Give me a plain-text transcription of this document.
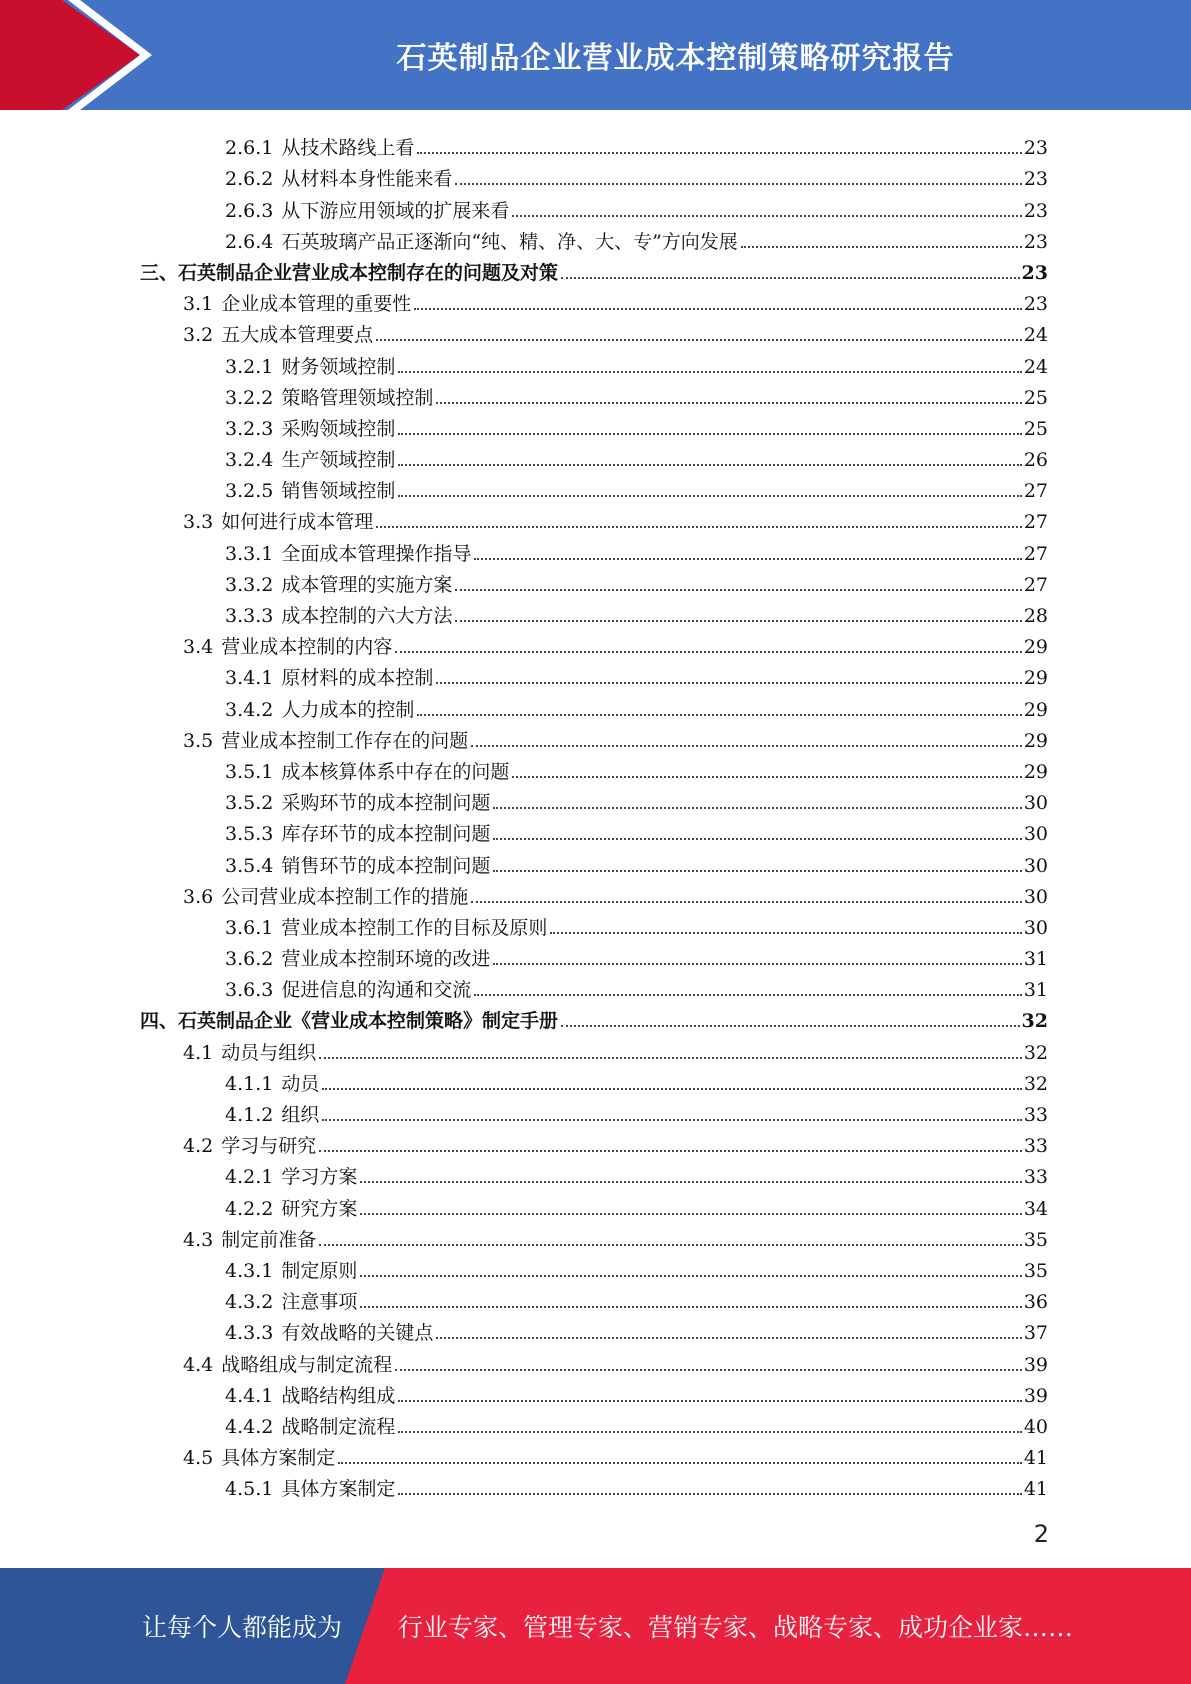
石英制品企业营业成本控制策略研究报告
2.6.1 从技术路线上看	23
2.6.2 从材料本身性能来看	23
2.6.3 从下游应用领域的扩展来看	23
2.6.4 石英玻璃产品正逐渐向“纯、精、净、大、专”方向发展	23
三、石英制品企业营业成本控制存在的问题及对策	23
3.1 企业成本管理的重要性	23
3.2 五大成本管理要点	24
3.2.1 财务领域控制	24
3.2.2 策略管理领域控制	25
3.2.3 采购领域控制	25
3.2.4 生产领域控制	26
3.2.5 销售领域控制	27
3.3 如何进行成本管理	27
3.3.1 全面成本管理操作指导	27
3.3.2 成本管理的实施方案	27
3.3.3 成本控制的六大方法	28
3.4 营业成本控制的内容	29
3.4.1 原材料的成本控制	29
3.4.2 人力成本的控制	29
3.5 营业成本控制工作存在的问题	29
3.5.1 成本核算体系中存在的问题	29
3.5.2 采购环节的成本控制问题	30
3.5.3 库存环节的成本控制问题	30
3.5.4 销售环节的成本控制问题	30
3.6 公司营业成本控制工作的措施	30
3.6.1 营业成本控制工作的目标及原则	30
3.6.2 营业成本控制环境的改进	31
3.6.3 促进信息的沟通和交流	31
四、石英制品企业《营业成本控制策略》制定手册	32
4.1 动员与组织	32
4.1.1 动员	32
4.1.2 组织	33
4.2 学习与研究	33
4.2.1 学习方案	33
4.2.2 研究方案	34
4.3 制定前准备	35
4.3.1 制定原则	35
4.3.2 注意事项	36
4.3.3 有效战略的关键点	37
4.4 战略组成与制定流程	39
4.4.1 战略结构组成	39
4.4.2 战略制定流程	40
4.5 具体方案制定	41
4.5.1 具体方案制定	41
2
让每个人都能成为 行业专家、管理专家、营销专家、战略专家、成功企业家……
